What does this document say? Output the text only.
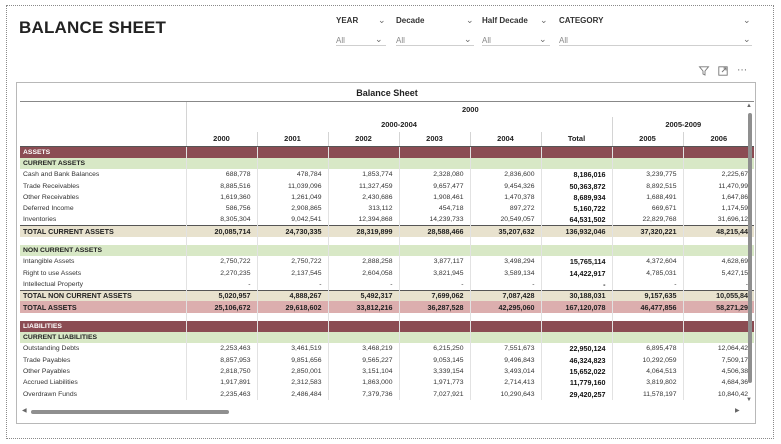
BALANCE SHEET	YEAR ⌄
All	⌄
Decade	⌄
All	⌄
Half Decade ⌄
All	⌄
CATEGORY	⌄
All	⌄
⋯
Balance Sheet
	2000							
	2000-2004						2005-2009	
	2000	2001	2002	2003	2004	Total	2005	2006
ASSETS								
CURRENT ASSETS								
Cash and Bank Balances	688,778	478,784	1,853,774	2,328,080	2,836,600	8,186,016	3,239,775	2,225,67
Trade Receivables	8,885,516	11,039,096	11,327,459	9,657,477	9,454,326	50,363,872	8,892,515	11,470,99
Other Receivables	1,619,360	1,261,049	2,430,686	1,908,461	1,470,378	8,689,934	1,688,491	1,647,86
Deferred Income	586,756	2,908,865	313,112	454,718	897,272	5,160,722	669,671	1,174,59
Inventories	8,305,304	9,042,541	12,394,868	14,239,733	20,549,057	64,531,502	22,829,768	31,696,12
TOTAL CURRENT ASSETS	20,085,714	24,730,335	28,319,899	28,588,466	35,207,632	136,932,046	37,320,221	48,215,44

NON CURRENT ASSETS								
Intangible Assets	2,750,722	2,750,722	2,888,258	3,877,117	3,498,294	15,765,114	4,372,604	4,628,69
Right to use Assets	2,270,235	2,137,545	2,604,058	3,821,945	3,589,134	14,422,917	4,785,031	5,427,15
Intellectual Property	-	-	-	-	-	-	-	-
TOTAL NON CURRENT ASSETS	5,020,957	4,888,267	5,492,317	7,699,062	7,087,428	30,188,031	9,157,635	10,055,84
TOTAL ASSETS	25,106,672	29,618,602	33,812,216	36,287,528	42,295,060	167,120,078	46,477,856	58,271,29

LIABILITIES								
CURRENT LIABILITIES								
Outstanding Debts	2,253,463	3,461,519	3,468,219	6,215,250	7,551,673	22,950,124	6,895,478	12,064,42
Trade Payables	8,857,953	9,851,656	9,565,227	9,053,145	9,496,843	46,324,823	10,292,059	7,509,17
Other Payables	2,818,750	2,850,001	3,151,104	3,339,154	3,493,014	15,652,022	4,064,513	4,506,38
Accrued Liabilities	1,917,891	2,312,583	1,863,000	1,971,773	2,714,413	11,779,160	3,819,802	4,684,36
Overdrawn Funds	2,235,463	2,486,484	7,379,736	7,027,921	10,290,643	29,420,257	11,578,197	10,840,42
▲
▼
◀	▶
